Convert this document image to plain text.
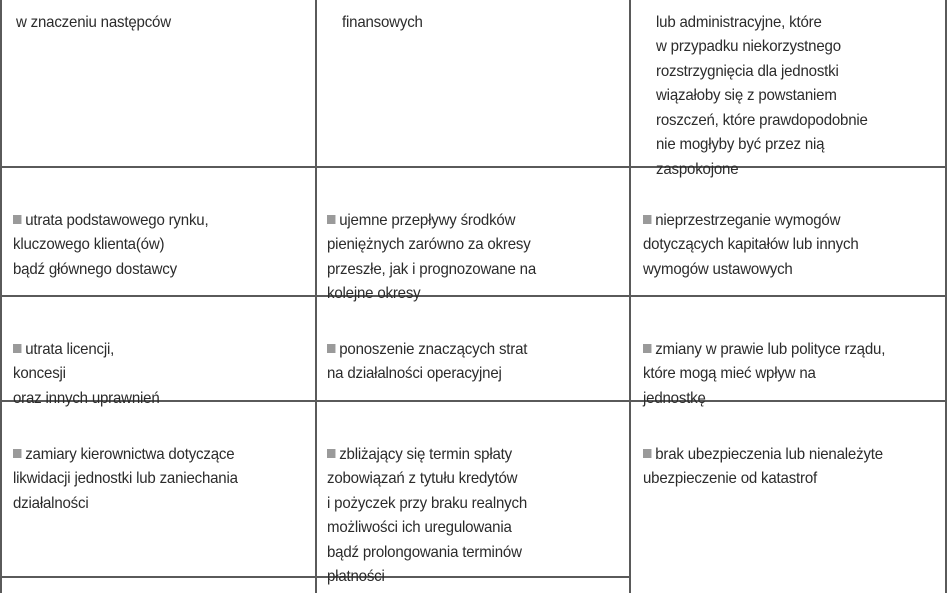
w znaczeniu następców	finansowych	lub administracyjne, które
w przypadku niekorzystnego
rozstrzygnięcia dla jednostki
wiązałoby się z powstaniem
roszczeń, które prawdopodobnie
nie mogłyby być przez nią
zaspokojone

utrata podstawowego rynku,
kluczowego klienta(ów)
bądź głównego dostawcy

ujemne przepływy środków
pieniężnych zarówno za okresy
przeszłe, jak i prognozowane na
kolejne okresy

nieprzestrzeganie wymogów
dotyczących kapitałów lub innych
wymogów ustawowych

utrata licencji,
koncesji
oraz innych uprawnień

ponoszenie znaczących strat
na działalności operacyjnej

zmiany w prawie lub polityce rządu,
które mogą mieć wpływ na
jednostkę

zamiary kierownictwa dotyczące
likwidacji jednostki lub zaniechania
działalności

zbliżający się termin spłaty
zobowiązań z tytułu kredytów
i pożyczek przy braku realnych
możliwości ich uregulowania
bądź prolongowania terminów
płatności

brak ubezpieczenia lub nienależyte
ubezpieczenie od katastrof
